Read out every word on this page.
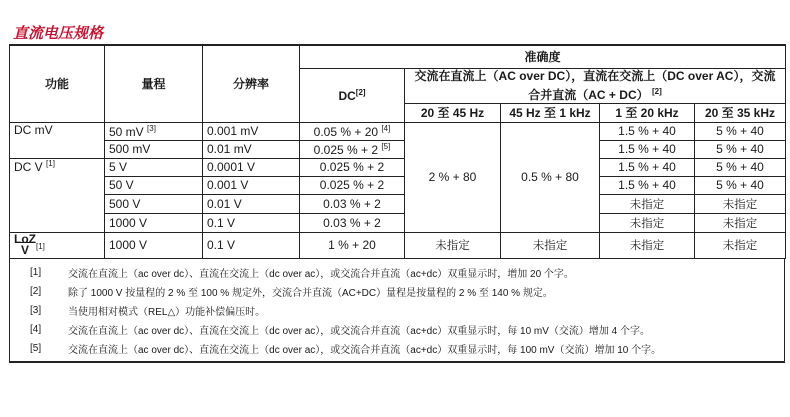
直流电压规格
功能	量程	分辨率	准确度				
			DC[2]	交流在直流上（AC over DC），直流在交流上（DC over AC），交流合并直流（AC + DC） [2]
				20 至 45 Hz	45 Hz 至 1 kHz	1 至 20 kHz	20 至 35 kHz
DC mV	50 mV [3]	0.001 mV	0.05 % + 20 [4]	2 % + 80	0.5 % + 80	1.5 % + 40	5 % + 40
	500 mV	0.01 mV	0.025 % + 2 [5]			1.5 % + 40	5 % + 40
DC V [1]	5 V	0.0001 V	0.025 % + 2			1.5 % + 40	5 % + 40
	50 V	0.001 V	0.025 % + 2			1.5 % + 40	5 % + 40
	500 V	0.01 V	0.03 % + 2			未指定	未指定
	1000 V	0.1 V	0.03 % + 2			未指定	未指定
LoZ
$\overline{V}$ [1]	1000 V	0.1 V	1 % + 20	未指定	未指定	未指定	未指定
[1]	交流在直流上（ac over dc）、直流在交流上（dc over ac），或交流合并直流（ac+dc）双重显示时，增加 20 个字。
[2]	除了 1000 V 按量程的 2 % 至 100 % 规定外，交流合并直流（AC+DC）量程是按量程的 2 % 至 140 % 规定。
[3]	当使用相对模式（REL△）功能补偿偏压时。
[4]	交流在直流上（ac over dc）、直流在交流上（dc over ac），或交流合并直流（ac+dc）双重显示时，每 10 mV（交流）增加 4 个字。
[5]	交流在直流上（ac over dc）、直流在交流上（dc over ac），或交流合并直流（ac+dc）双重显示时，每 100 mV（交流）增加 10 个字。
